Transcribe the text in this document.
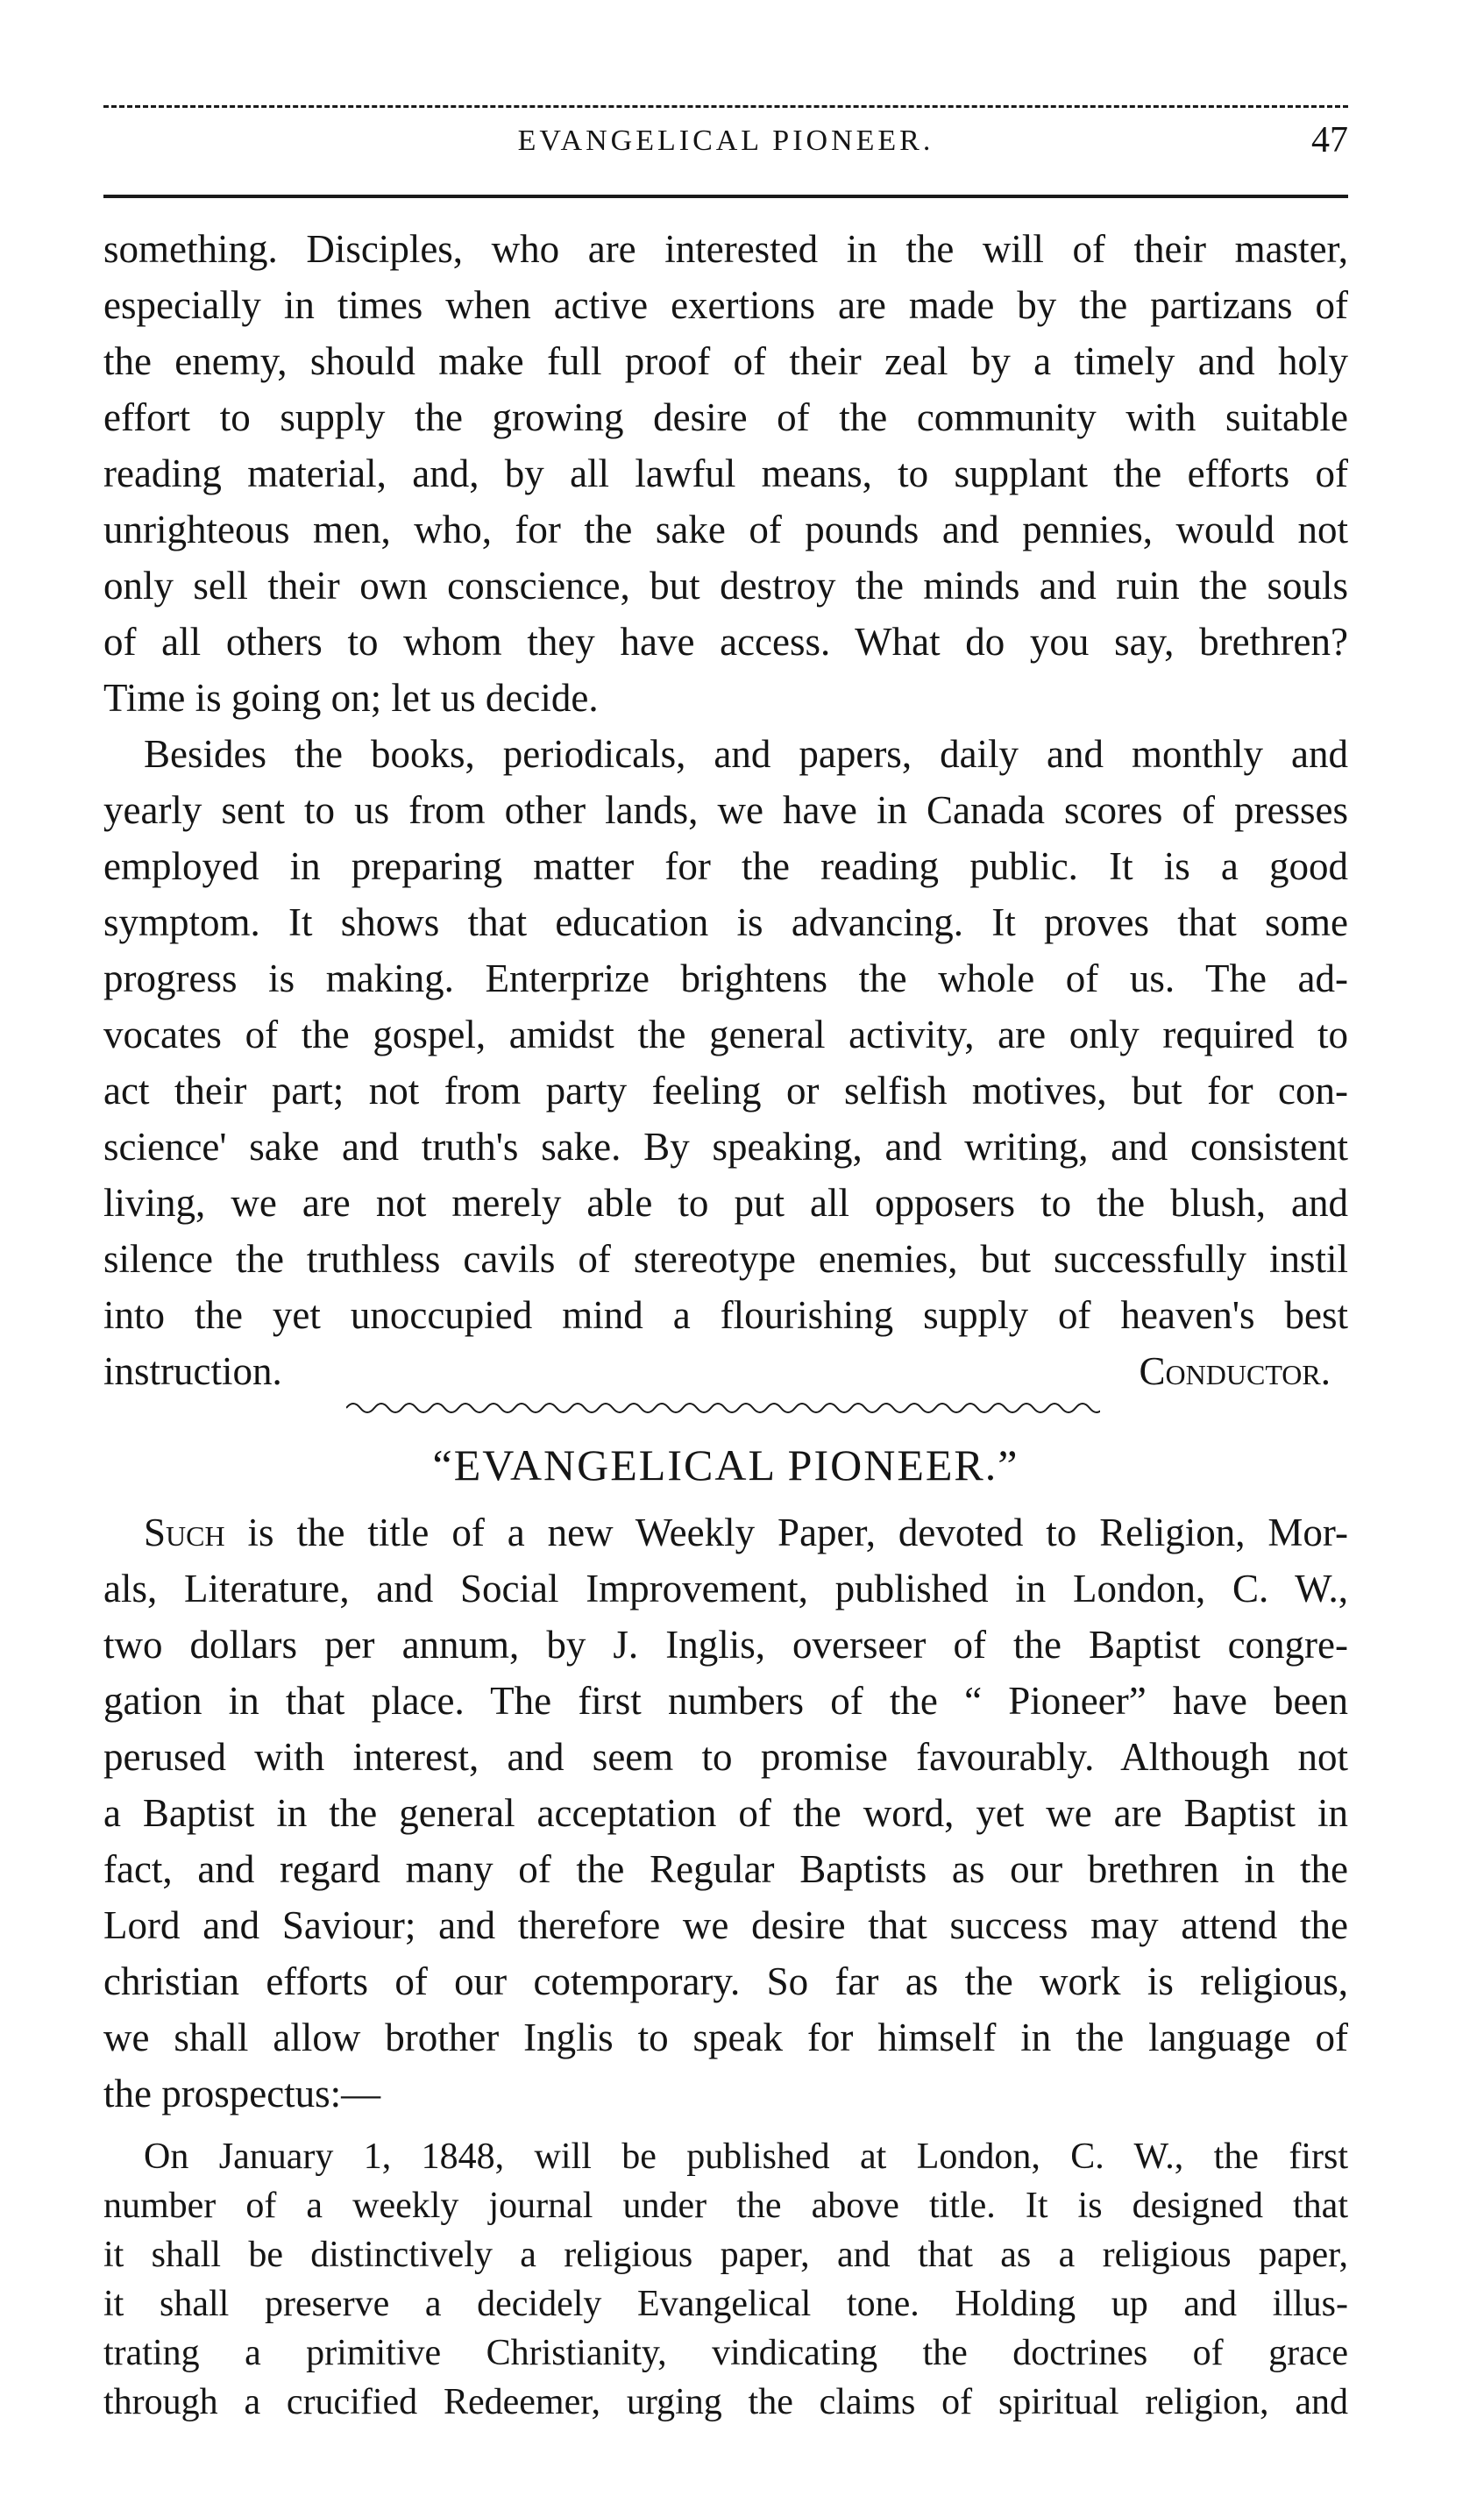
EVANGELICAL PIONEER.	47
something. Disciples, who are interested in the will of their master,
especially in times when active exertions are made by the partizans of
the enemy, should make full proof of their zeal by a timely and holy
effort to supply the growing desire of the community with suitable
reading material, and, by all lawful means, to supplant the efforts of
unrighteous men, who, for the sake of pounds and pennies, would not
only sell their own conscience, but destroy the minds and ruin the souls
of all others to whom they have access. What do you say, brethren?
Time is going on; let us decide.
Besides the books, periodicals, and papers, daily and monthly and
yearly sent to us from other lands, we have in Canada scores of presses
employed in preparing matter for the reading public. It is a good
symptom. It shows that education is advancing. It proves that some
progress is making. Enterprize brightens the whole of us. The ad-
vocates of the gospel, amidst the general activity, are only required to
act their part; not from party feeling or selfish motives, but for con-
science' sake and truth's sake. By speaking, and writing, and consistent
living, we are not merely able to put all opposers to the blush, and
silence the truthless cavils of stereotype enemies, but successfully instil
into the yet unoccupied mind a flourishing supply of heaven's best
instruction.	Conductor.
“EVANGELICAL PIONEER.”
Such is the title of a new Weekly Paper, devoted to Religion, Mor-
als, Literature, and Social Improvement, published in London, C. W.,
two dollars per annum, by J. Inglis, overseer of the Baptist congre-
gation in that place. The first numbers of the “ Pioneer” have been
perused with interest, and seem to promise favourably. Although not
a Baptist in the general acceptation of the word, yet we are Baptist in
fact, and regard many of the Regular Baptists as our brethren in the
Lord and Saviour; and therefore we desire that success may attend the
christian efforts of our cotemporary. So far as the work is religious,
we shall allow brother Inglis to speak for himself in the language of
the prospectus:—
On January 1, 1848, will be published at London, C. W., the first
number of a weekly journal under the above title. It is designed that
it shall be distinctively a religious paper, and that as a religious paper,
it shall preserve a decidely Evangelical tone. Holding up and illus-
trating a primitive Christianity, vindicating the doctrines of grace
through a crucified Redeemer, urging the claims of spiritual religion, and
